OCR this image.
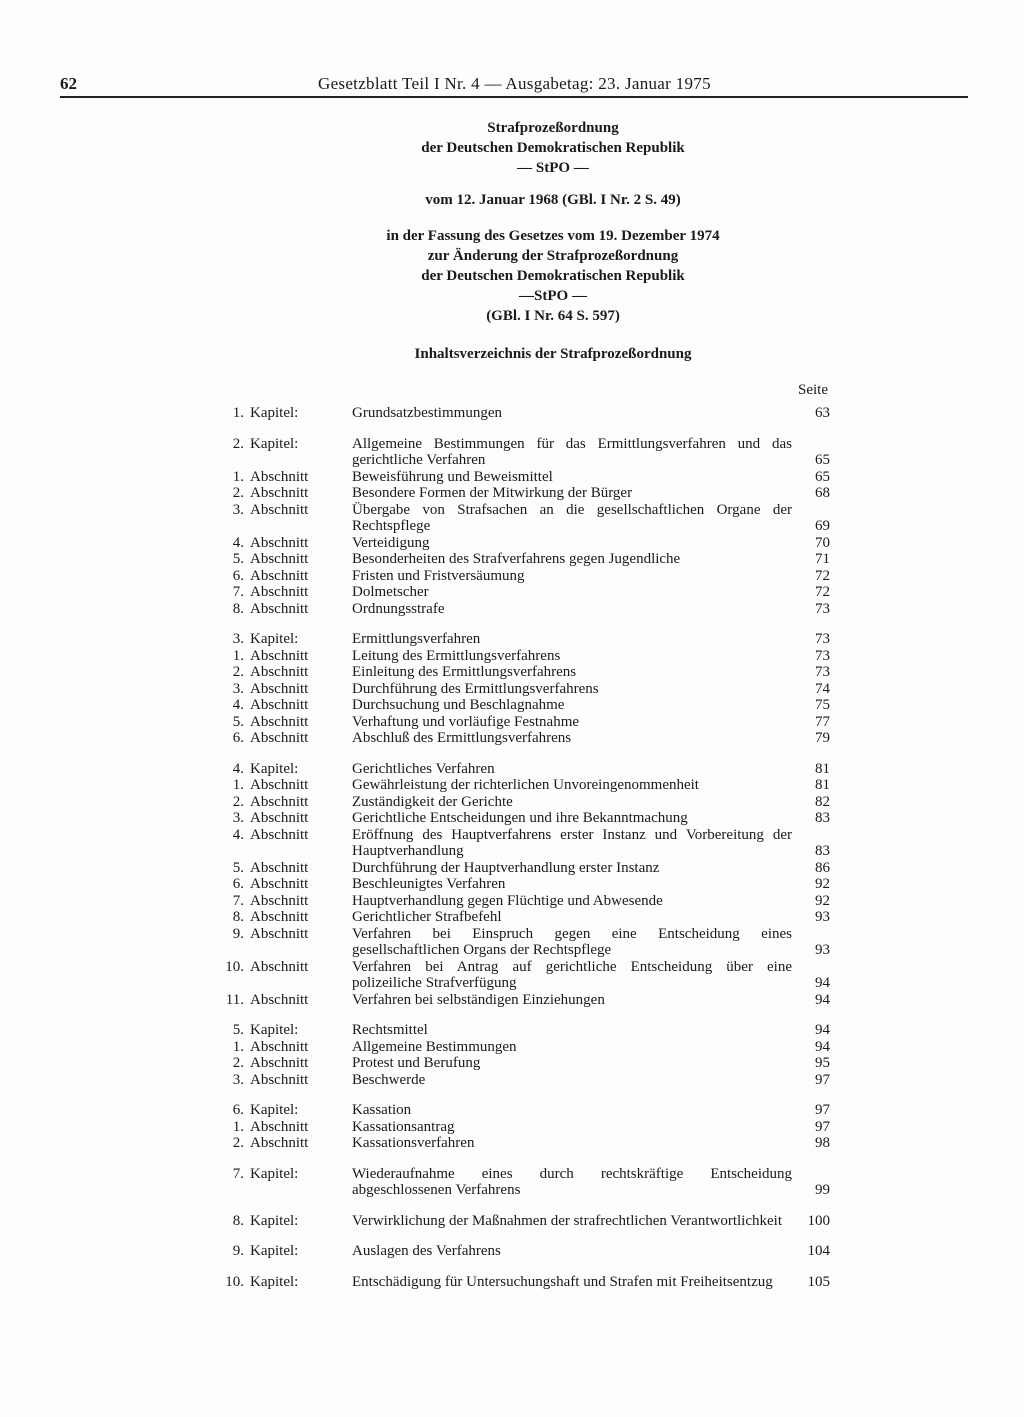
62	Gesetzblatt Teil I Nr. 4 — Ausgabetag: 23. Januar 1975
Strafprozeßordnung
der Deutschen Demokratischen Republik
— StPO —
vom 12. Januar 1968 (GBl. I Nr. 2 S. 49)
in der Fassung des Gesetzes vom 19. Dezember 1974
zur Änderung der Strafprozeßordnung
der Deutschen Demokratischen Republik
—StPO —
(GBl. I Nr. 64 S. 597)
Inhaltsverzeichnis der Strafprozeßordnung
Seite
1. Kapitel:	Grundsatzbestimmungen	63
2. Kapitel:	Allgemeine Bestimmungen für das Ermittlungsverfahren und das gerichtliche Verfahren	65
1. Abschnitt	Beweisführung und Beweismittel	65
2. Abschnitt	Besondere Formen der Mitwirkung der Bürger	68
3. Abschnitt	Übergabe von Strafsachen an die gesellschaftlichen Organe der Rechtspflege	69
4. Abschnitt	Verteidigung	70
5. Abschnitt	Besonderheiten des Strafverfahrens gegen Jugendliche	71
6. Abschnitt	Fristen und Fristversäumung	72
7. Abschnitt	Dolmetscher	72
8. Abschnitt	Ordnungsstrafe	73
3. Kapitel:	Ermittlungsverfahren	73
1. Abschnitt	Leitung des Ermittlungsverfahrens	73
2. Abschnitt	Einleitung des Ermittlungsverfahrens	73
3. Abschnitt	Durchführung des Ermittlungsverfahrens	74
4. Abschnitt	Durchsuchung und Beschlagnahme	75
5. Abschnitt	Verhaftung und vorläufige Festnahme	77
6. Abschnitt	Abschluß des Ermittlungsverfahrens	79
4. Kapitel:	Gerichtliches Verfahren	81
1. Abschnitt	Gewährleistung der richterlichen Unvoreingenommenheit	81
2. Abschnitt	Zuständigkeit der Gerichte	82
3. Abschnitt	Gerichtliche Entscheidungen und ihre Bekanntmachung	83
4. Abschnitt	Eröffnung des Hauptverfahrens erster Instanz und Vorbereitung der Hauptverhandlung	83
5. Abschnitt	Durchführung der Hauptverhandlung erster Instanz	86
6. Abschnitt	Beschleunigtes Verfahren	92
7. Abschnitt	Hauptverhandlung gegen Flüchtige und Abwesende	92
8. Abschnitt	Gerichtlicher Strafbefehl	93
9. Abschnitt	Verfahren bei Einspruch gegen eine Entscheidung eines gesellschaftlichen Organs der Rechtspflege	93
10. Abschnitt	Verfahren bei Antrag auf gerichtliche Entscheidung über eine polizeiliche Strafverfügung	94
11. Abschnitt	Verfahren bei selbständigen Einziehungen	94
5. Kapitel:	Rechtsmittel	94
1. Abschnitt	Allgemeine Bestimmungen	94
2. Abschnitt	Protest und Berufung	95
3. Abschnitt	Beschwerde	97
6. Kapitel:	Kassation	97
1. Abschnitt	Kassationsantrag	97
2. Abschnitt	Kassationsverfahren	98
7. Kapitel:	Wiederaufnahme eines durch rechtskräftige Entscheidung abgeschlossenen Verfahrens	99
8. Kapitel:	Verwirklichung der Maßnahmen der strafrechtlichen Verantwortlichkeit	100
9. Kapitel:	Auslagen des Verfahrens	104
10. Kapitel:	Entschädigung für Untersuchungshaft und Strafen mit Freiheitsentzug	105
